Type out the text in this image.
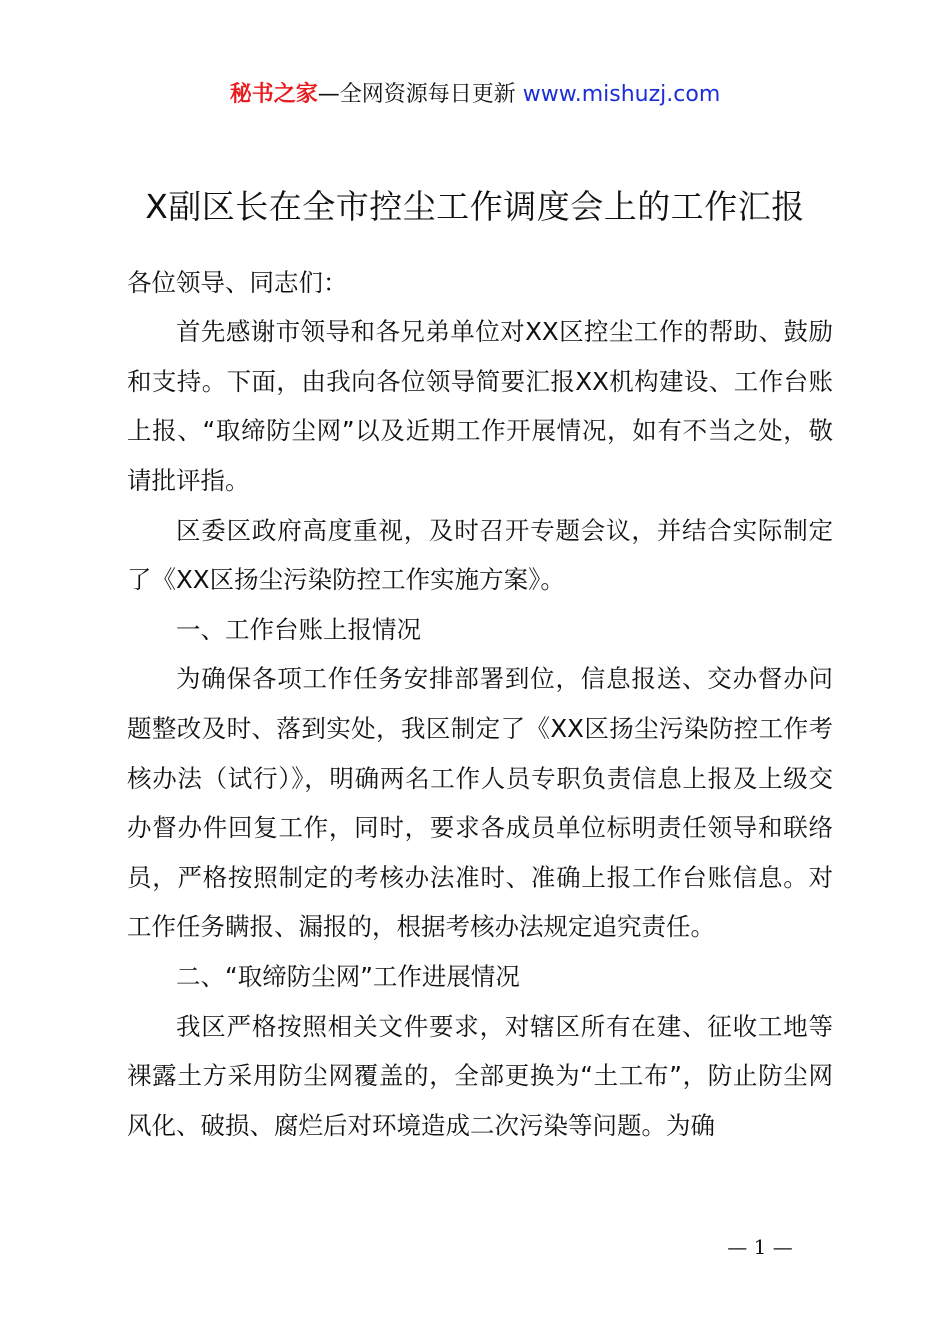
秘书之家—全网资源每日更新 www.mishuzj.com
X副区长在全市控尘工作调度会上的工作汇报

各位领导、同志们：

首先感谢市领导和各兄弟单位对XX区控尘工作的帮助、鼓励和支持。下面，由我向各位领导简要汇报XX机构建设、工作台账上报、“取缔防尘网”以及近期工作开展情况，如有不当之处，敬请批评指。

区委区政府高度重视，及时召开专题会议，并结合实际制定了《XX区扬尘污染防控工作实施方案》。

一、工作台账上报情况

为确保各项工作任务安排部署到位，信息报送、交办督办问题整改及时、落到实处，我区制定了《XX区扬尘污染防控工作考核办法（试行）》，明确两名工作人员专职负责信息上报及上级交办督办件回复工作，同时，要求各成员单位标明责任领导和联络员，严格按照制定的考核办法准时、准确上报工作台账信息。对工作任务瞒报、漏报的，根据考核办法规定追究责任。

二、“取缔防尘网”工作进展情况

我区严格按照相关文件要求，对辖区所有在建、征收工地等裸露土方采用防尘网覆盖的，全部更换为“土工布”，防止防尘网风化、破损、腐烂后对环境造成二次污染等问题。为确

— 1 —
